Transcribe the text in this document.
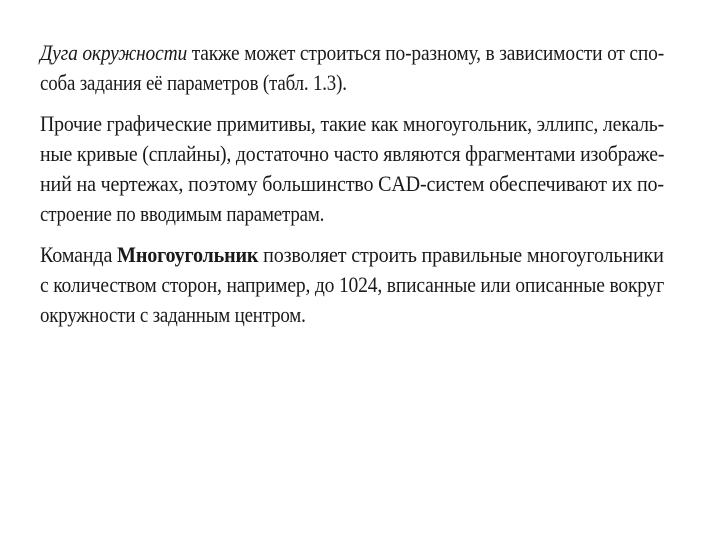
Дуга окружности также может строиться по-разному, в зависимости от спо-
соба задания её параметров (табл. 1.3).
Прочие графические примитивы, такие как многоугольник, эллипс, лекаль-
ные кривые (сплайны), достаточно часто являются фрагментами изображе-
ний на чертежах, поэтому большинство CAD-систем обеспечивают их по-
строение по вводимым параметрам.
Команда Многоугольник позволяет строить правильные многоугольники
с количеством сторон, например, до 1024, вписанные или описанные вокруг
окружности с заданным центром.
